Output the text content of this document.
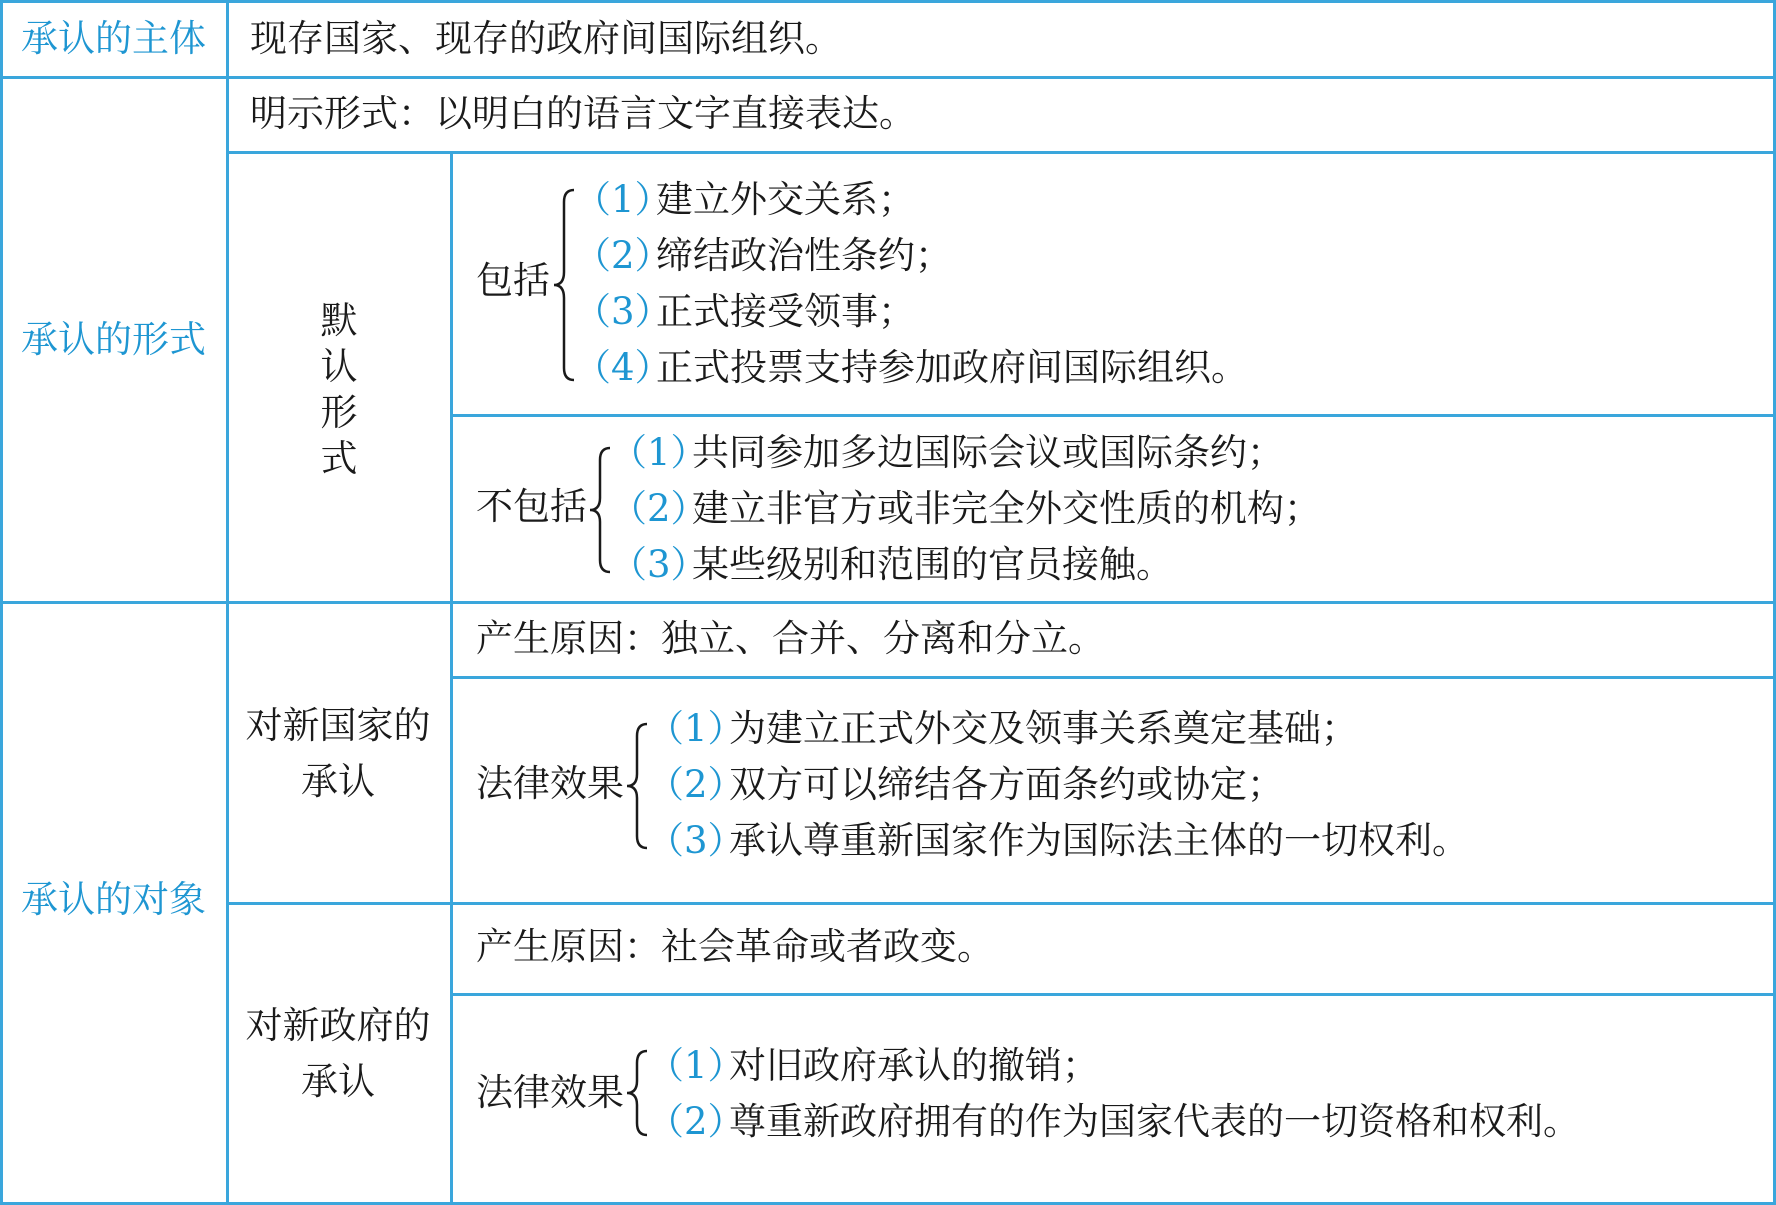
承认的主体 现存国家、现存的政府间国际组织。
承认的形式
明示形式：以明白的语言文字直接表达。
默认形式
包括
（1）建立外交关系；
（2）缔结政治性条约；
（3）正式接受领事；
（4）正式投票支持参加政府间国际组织。
不包括
（1）共同参加多边国际会议或国际条约；
（2）建立非官方或非完全外交性质的机构；
（3）某些级别和范围的官员接触。
承认的对象
对新国家的
承认
产生原因：独立、合并、分离和分立。
法律效果
（1）为建立正式外交及领事关系奠定基础；
（2）双方可以缔结各方面条约或协定；
（3）承认尊重新国家作为国际法主体的一切权利。
对新政府的
承认
产生原因：社会革命或者政变。
法律效果
（1）对旧政府承认的撤销；
（2）尊重新政府拥有的作为国家代表的一切资格和权利。
